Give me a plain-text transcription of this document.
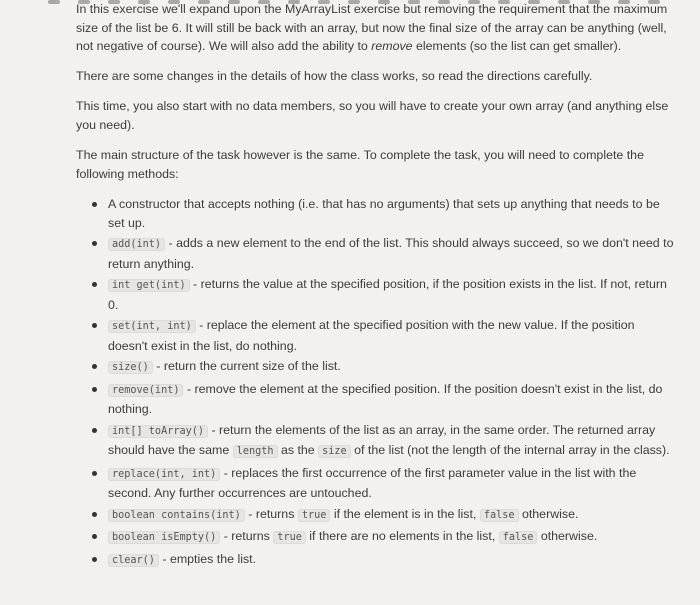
In this exercise we'll expand upon the MyArrayList exercise but removing the requirement that the maximum size of the list be 6. It will still be back with an array, but now the final size of the array can be anything (well, not negative of course). We will also add the ability to remove elements (so the list can get smaller).

There are some changes in the details of how the class works, so read the directions carefully.

This time, you also start with no data members, so you will have to create your own array (and anything else you need).

The main structure of the task however is the same. To complete the task, you will need to complete the following methods:

A constructor that accepts nothing (i.e. that has no arguments) that sets up anything that needs to be set up.
add(int) - adds a new element to the end of the list. This should always succeed, so we don't need to return anything.
int get(int) - returns the value at the specified position, if the position exists in the list. If not, return 0.
set(int, int) - replace the element at the specified position with the new value. If the position doesn't exist in the list, do nothing.
size() - return the current size of the list.
remove(int) - remove the element at the specified position. If the position doesn't exist in the list, do nothing.
int[] toArray() - return the elements of the list as an array, in the same order. The returned array should have the same length as the size of the list (not the length of the internal array in the class).
replace(int, int) - replaces the first occurrence of the first parameter value in the list with the second. Any further occurrences are untouched.
boolean contains(int) - returns true if the element is in the list, false otherwise.
boolean isEmpty() - returns true if there are no elements in the list, false otherwise.
clear() - empties the list.
